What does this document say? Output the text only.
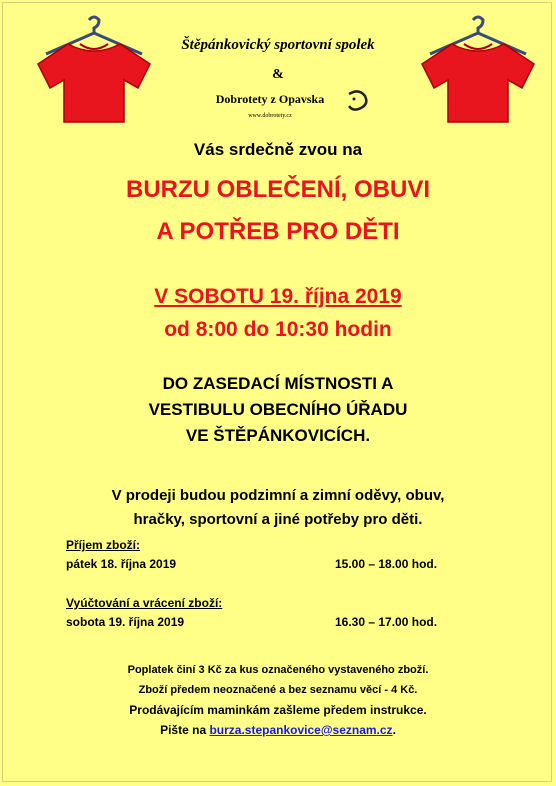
Štěpánkovický sportovní spolek
&
Dobrotety z Opavska
www.dobrotety.cz
Vás srdečně zvou na
BURZU OBLEČENÍ, OBUVI
A POTŘEB PRO DĚTI
V SOBOTU 19. října 2019
od 8:00 do 10:30 hodin
DO ZASEDACÍ MÍSTNOSTI A
VESTIBULU OBECNÍHO ÚŘADU
VE ŠTĚPÁNKOVICÍCH.
V prodeji budou podzimní a zimní oděvy, obuv,
hračky, sportovní a jiné potřeby pro děti.
Příjem zboží:
pátek 18. října 2019	15.00 – 18.00 hod.
Vyúčtování a vrácení zboží:
sobota 19. října 2019	16.30 – 17.00 hod.
Poplatek činí 3 Kč za kus označeného vystaveného zboží.
Zboží předem neoznačené a bez seznamu věcí - 4 Kč.
Prodávajícím maminkám zašleme předem instrukce.
Pište na burza.stepankovice@seznam.cz.
